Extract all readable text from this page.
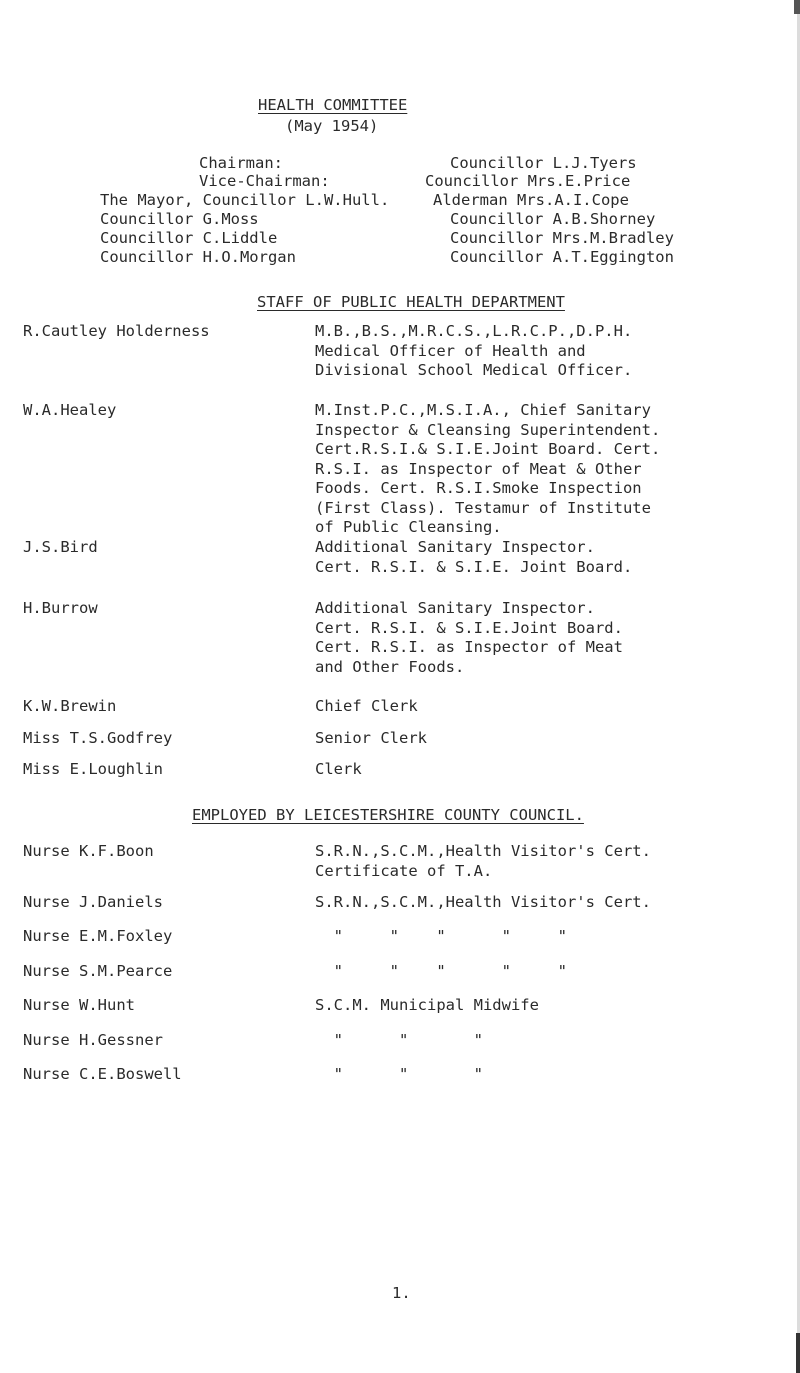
HEALTH COMMITTEE
(May 1954)
Chairman:	Councillor L.J.Tyers
Vice-Chairman:	Councillor Mrs.E.Price
The Mayor, Councillor L.W.Hull.	Alderman Mrs.A.I.Cope
Councillor G.Moss	Councillor A.B.Shorney
Councillor C.Liddle	Councillor Mrs.M.Bradley
Councillor H.O.Morgan	Councillor A.T.Eggington
STAFF OF PUBLIC HEALTH DEPARTMENT
R.Cautley Holderness	M.B.,B.S.,M.R.C.S.,L.R.C.P.,D.P.H.
Medical Officer of Health and
Divisional School Medical Officer.
W.A.Healey	M.Inst.P.C.,M.S.I.A., Chief Sanitary
Inspector & Cleansing Superintendent.
Cert.R.S.I.& S.I.E.Joint Board. Cert.
R.S.I. as Inspector of Meat & Other
Foods. Cert. R.S.I.Smoke Inspection
(First Class). Testamur of Institute
of Public Cleansing.
J.S.Bird	Additional Sanitary Inspector.
Cert. R.S.I. & S.I.E. Joint Board.
H.Burrow	Additional Sanitary Inspector.
Cert. R.S.I. & S.I.E.Joint Board.
Cert. R.S.I. as Inspector of Meat
and Other Foods.
K.W.Brewin	Chief Clerk
Miss T.S.Godfrey	Senior Clerk
Miss E.Loughlin	Clerk
EMPLOYED BY LEICESTERSHIRE COUNTY COUNCIL.
Nurse K.F.Boon	S.R.N.,S.C.M.,Health Visitor's Cert.
Certificate of T.A.
Nurse J.Daniels	S.R.N.,S.C.M.,Health Visitor's Cert.
Nurse E.M.Foxley	"     "    "      "     "
Nurse S.M.Pearce	"     "    "      "     "
Nurse W.Hunt	S.C.M. Municipal Midwife
Nurse H.Gessner	"      "       "
Nurse C.E.Boswell	"      "       "
1.
